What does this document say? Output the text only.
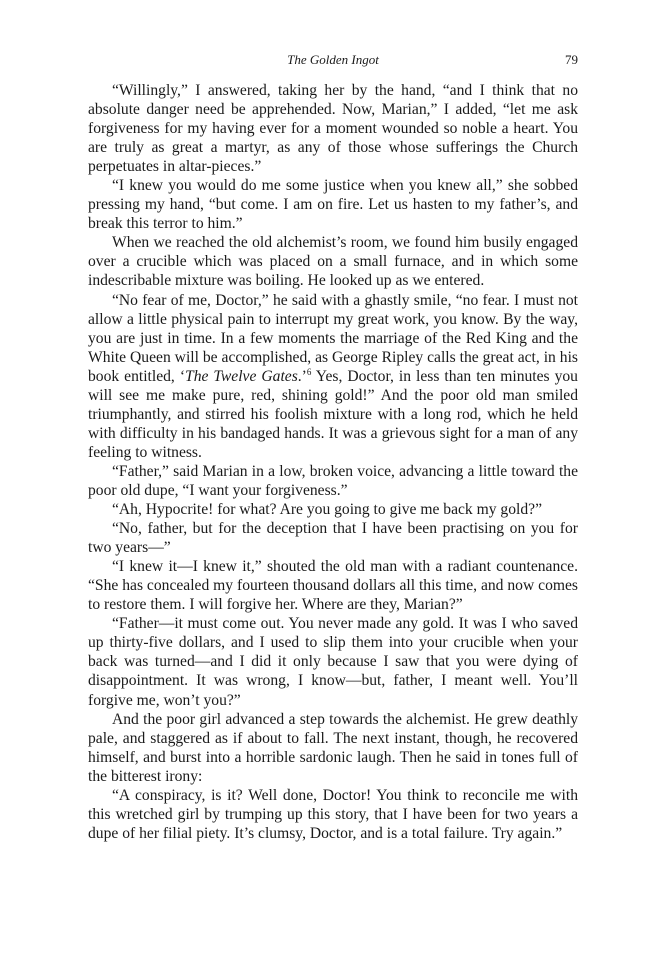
The Golden Ingot	79

“Willingly,” I answered, taking her by the hand, “and I think that no absolute danger need be apprehended. Now, Marian,” I added, “let me ask forgiveness for my having ever for a moment wounded so noble a heart. You are truly as great a martyr, as any of those whose sufferings the Church perpetuates in altar-pieces.”

“I knew you would do me some justice when you knew all,” she sobbed pressing my hand, “but come. I am on fire. Let us hasten to my father’s, and break this terror to him.”

When we reached the old alchemist’s room, we found him busily engaged over a crucible which was placed on a small furnace, and in which some indescribable mixture was boiling. He looked up as we entered.

“No fear of me, Doctor,” he said with a ghastly smile, “no fear. I must not allow a little physical pain to interrupt my great work, you know. By the way, you are just in time. In a few moments the marriage of the Red King and the White Queen will be accomplished, as George Ripley calls the great act, in his book entitled, ‘The Twelve Gates.’$^6$ Yes, Doctor, in less than ten minutes you will see me make pure, red, shining gold!” And the poor old man smiled triumphantly, and stirred his foolish mixture with a long rod, which he held with difficulty in his bandaged hands. It was a grievous sight for a man of any feeling to witness.

“Father,” said Marian in a low, broken voice, advancing a little toward the poor old dupe, “I want your forgiveness.”

“Ah, Hypocrite! for what? Are you going to give me back my gold?”

“No, father, but for the deception that I have been practising on you for two years—”

“I knew it—I knew it,” shouted the old man with a radiant countenance. “She has concealed my fourteen thousand dollars all this time, and now comes to restore them. I will forgive her. Where are they, Marian?”

“Father—it must come out. You never made any gold. It was I who saved up thirty-five dollars, and I used to slip them into your crucible when your back was turned—and I did it only because I saw that you were dying of disappointment. It was wrong, I know—but, father, I meant well. You’ll forgive me, won’t you?”

And the poor girl advanced a step towards the alchemist. He grew deathly pale, and staggered as if about to fall. The next instant, though, he recovered himself, and burst into a horrible sardonic laugh. Then he said in tones full of the bitterest irony:

“A conspiracy, is it? Well done, Doctor! You think to reconcile me with this wretched girl by trumping up this story, that I have been for two years a dupe of her filial piety. It’s clumsy, Doctor, and is a total failure. Try again.”
